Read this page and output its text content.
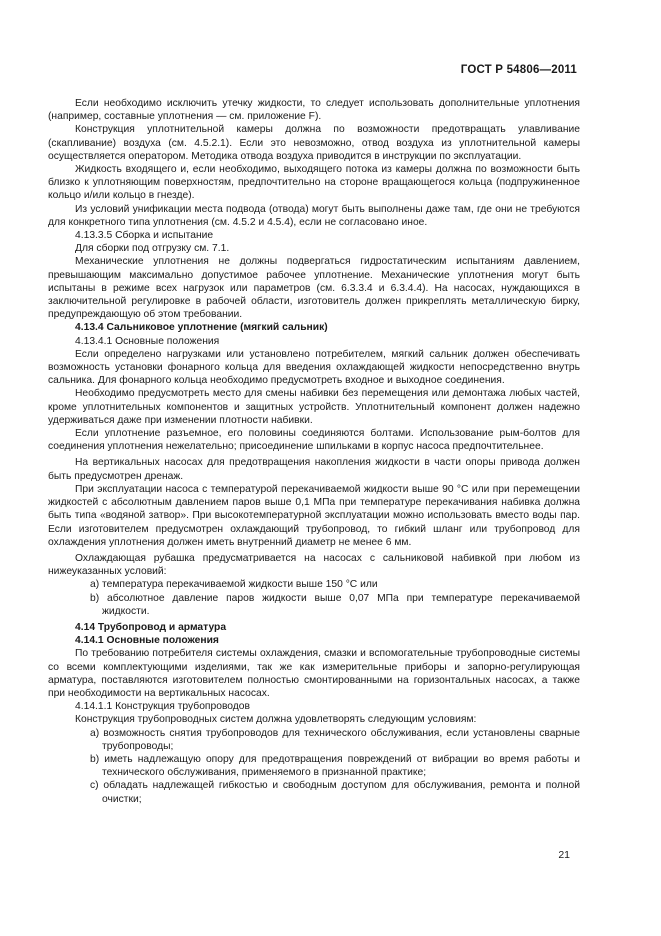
ГОСТ Р 54806—2011

Если необходимо исключить утечку жидкости, то следует использовать дополнительные уплотнения (например, составные уплотнения — см. приложение F).

Конструкция уплотнительной камеры должна по возможности предотвращать улавливание (скапливание) воздуха (см. 4.5.2.1). Если это невозможно, отвод воздуха из уплотнительной камеры осуществляется оператором. Методика отвода воздуха приводится в инструкции по эксплуатации.

Жидкость входящего и, если необходимо, выходящего потока из камеры должна по возможности быть близко к уплотняющим поверхностям, предпочтительно на стороне вращающегося кольца (подпружиненное кольцо и/или кольцо в гнезде).

Из условий унификации места подвода (отвода) могут быть выполнены даже там, где они не требуются для конкретного типа уплотнения (см. 4.5.2 и 4.5.4), если не согласовано иное.

4.13.3.5 Сборка и испытание

Для сборки под отгрузку см. 7.1.

Механические уплотнения не должны подвергаться гидростатическим испытаниям давлением, превышающим максимально допустимое рабочее уплотнение. Механические уплотнения могут быть испытаны в режиме всех нагрузок или параметров (см. 6.3.3.4 и 6.3.4.4). На насосах, нуждающихся в заключительной регулировке в рабочей области, изготовитель должен прикреплять металлическую бирку, предупреждающую об этом требовании.

4.13.4 Сальниковое уплотнение (мягкий сальник)

4.13.4.1 Основные положения

Если определено нагрузками или установлено потребителем, мягкий сальник должен обеспечивать возможность установки фонарного кольца для введения охлаждающей жидкости непосредственно внутрь сальника. Для фонарного кольца необходимо предусмотреть входное и выходное соединения.

Необходимо предусмотреть место для смены набивки без перемещения или демонтажа любых частей, кроме уплотнительных компонентов и защитных устройств. Уплотнительный компонент должен надежно удерживаться даже при изменении плотности набивки.

Если уплотнение разъемное, его половины соединяются болтами. Использование рым-болтов для соединения уплотнения нежелательно; присоединение шпильками в корпус насоса предпочтительнее.

На вертикальных насосах для предотвращения накопления жидкости в части опоры привода должен быть предусмотрен дренаж.

При эксплуатации насоса с температурой перекачиваемой жидкости выше 90 °С или при перемещении жидкостей с абсолютным давлением паров выше 0,1 МПа при температуре перекачивания набивка должна быть типа «водяной затвор». При высокотемпературной эксплуатации можно использовать вместо воды пар. Если изготовителем предусмотрен охлаждающий трубопровод, то гибкий шланг или трубопровод для охлаждения уплотнения должен иметь внутренний диаметр не менее 6 мм.

Охлаждающая рубашка предусматривается на насосах с сальниковой набивкой при любом из нижеуказанных условий:

a) температура перекачиваемой жидкости выше 150 °С или

b) абсолютное давление паров жидкости выше 0,07 МПа при температуре перекачиваемой жидкости.

4.14 Трубопровод и арматура

4.14.1 Основные положения

По требованию потребителя системы охлаждения, смазки и вспомогательные трубопроводные системы со всеми комплектующими изделиями, так же как измерительные приборы и запорно-регулирующая арматура, поставляются изготовителем полностью смонтированными на горизонтальных насосах, а также при необходимости на вертикальных насосах.

4.14.1.1 Конструкция трубопроводов

Конструкция трубопроводных систем должна удовлетворять следующим условиям:

a) возможность снятия трубопроводов для технического обслуживания, если установлены сварные трубопроводы;

b) иметь надлежащую опору для предотвращения повреждений от вибрации во время работы и технического обслуживания, применяемого в признанной практике;

c) обладать надлежащей гибкостью и свободным доступом для обслуживания, ремонта и полной очистки;

21
